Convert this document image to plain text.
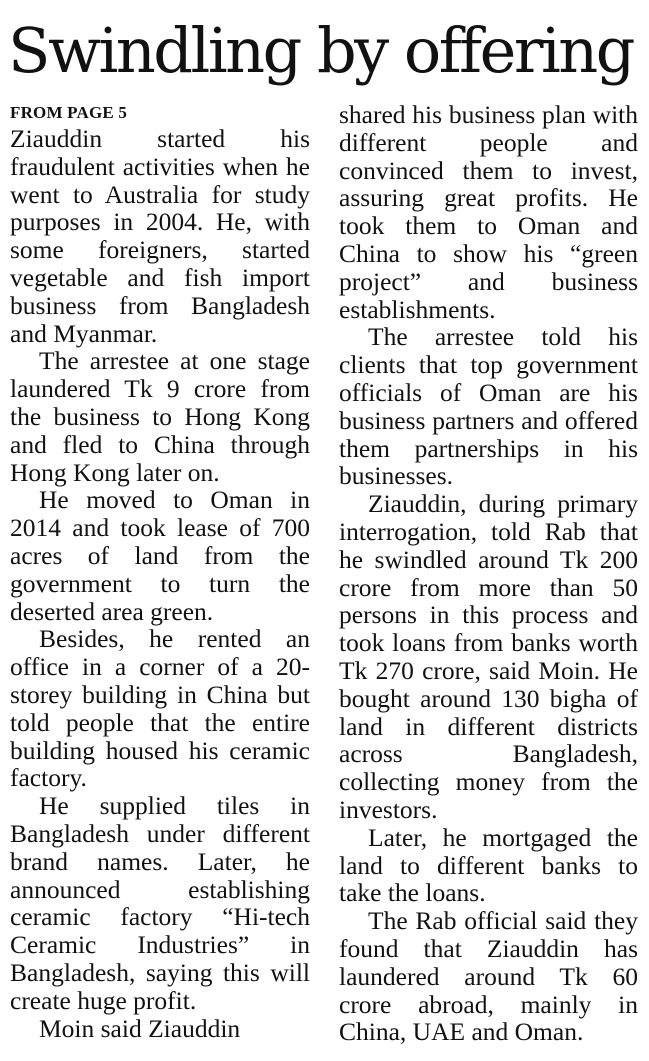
Swindling by offering
FROM PAGE 5

Ziauddin started his fraudulent activities when he went to Australia for study purposes in 2004. He, with some foreigners, started vegetable and fish import business from Bangladesh and Myanmar.

The arrestee at one stage laundered Tk 9 crore from the business to Hong Kong and fled to China through Hong Kong later on.

He moved to Oman in 2014 and took lease of 700 acres of land from the government to turn the deserted area green.

Besides, he rented an office in a corner of a 20-storey building in China but told people that the entire building housed his ceramic factory.

He supplied tiles in Bangladesh under different brand names. Later, he announced establishing ceramic factory “Hi-tech Ceramic Industries” in Bangladesh, saying this will create huge profit.

Moin said Ziauddin

shared his business plan with different people and convinced them to invest, assuring great profits. He took them to Oman and China to show his “green project” and business establishments.

The arrestee told his clients that top government officials of Oman are his business partners and offered them partnerships in his businesses.

Ziauddin, during primary interrogation, told Rab that he swindled around Tk 200 crore from more than 50 persons in this process and took loans from banks worth Tk 270 crore, said Moin. He bought around 130 bigha of land in different districts across Bangladesh, collecting money from the investors.

Later, he mortgaged the land to different banks to take the loans.

The Rab official said they found that Ziauddin has laundered around Tk 60 crore abroad, mainly in China, UAE and Oman.
